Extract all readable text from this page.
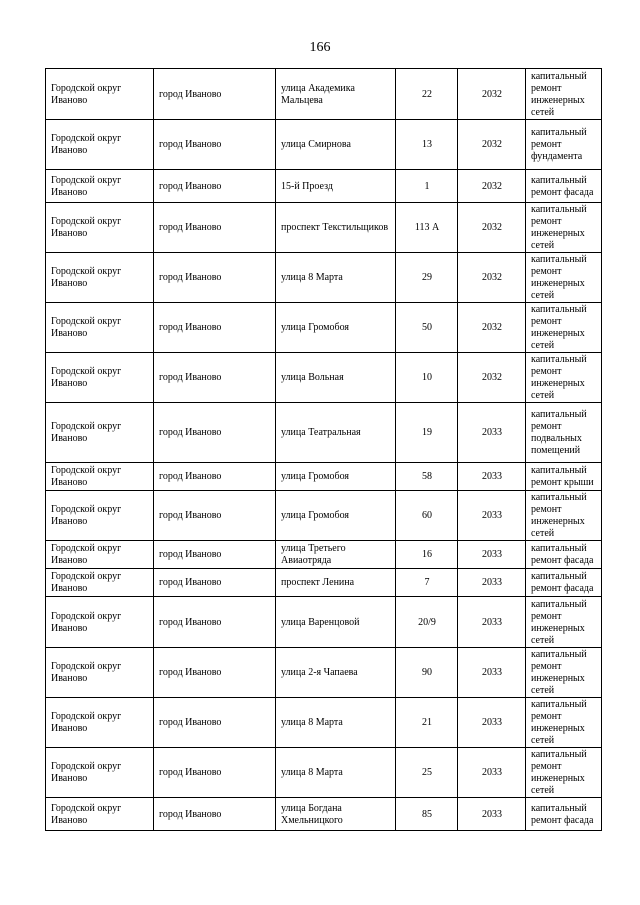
166
Городской округ Иваново	город Иваново	улица Академика Мальцева	22	2032	капитальный ремонт инженерных сетей
Городской округ Иваново	город Иваново	улица Смирнова	13	2032	капитальный ремонт фундамента
Городской округ Иваново	город Иваново	15-й Проезд	1	2032	капитальный ремонт фасада
Городской округ Иваново	город Иваново	проспект Текстильщиков	113 А	2032	капитальный ремонт инженерных сетей
Городской округ Иваново	город Иваново	улица 8 Марта	29	2032	капитальный ремонт инженерных сетей
Городской округ Иваново	город Иваново	улица Громобоя	50	2032	капитальный ремонт инженерных сетей
Городской округ Иваново	город Иваново	улица Вольная	10	2032	капитальный ремонт инженерных сетей
Городской округ Иваново	город Иваново	улица Театральная	19	2033	капитальный ремонт подвальных помещений
Городской округ Иваново	город Иваново	улица Громобоя	58	2033	капитальный ремонт крыши
Городской округ Иваново	город Иваново	улица Громобоя	60	2033	капитальный ремонт инженерных сетей
Городской округ Иваново	город Иваново	улица Третьего Авиаотряда	16	2033	капитальный ремонт фасада
Городской округ Иваново	город Иваново	проспект Ленина	7	2033	капитальный ремонт фасада
Городской округ Иваново	город Иваново	улица Варенцовой	20/9	2033	капитальный ремонт инженерных сетей
Городской округ Иваново	город Иваново	улица 2-я Чапаева	90	2033	капитальный ремонт инженерных сетей
Городской округ Иваново	город Иваново	улица 8 Марта	21	2033	капитальный ремонт инженерных сетей
Городской округ Иваново	город Иваново	улица 8 Марта	25	2033	капитальный ремонт инженерных сетей
Городской округ Иваново	город Иваново	улица Богдана Хмельницкого	85	2033	капитальный ремонт фасада
